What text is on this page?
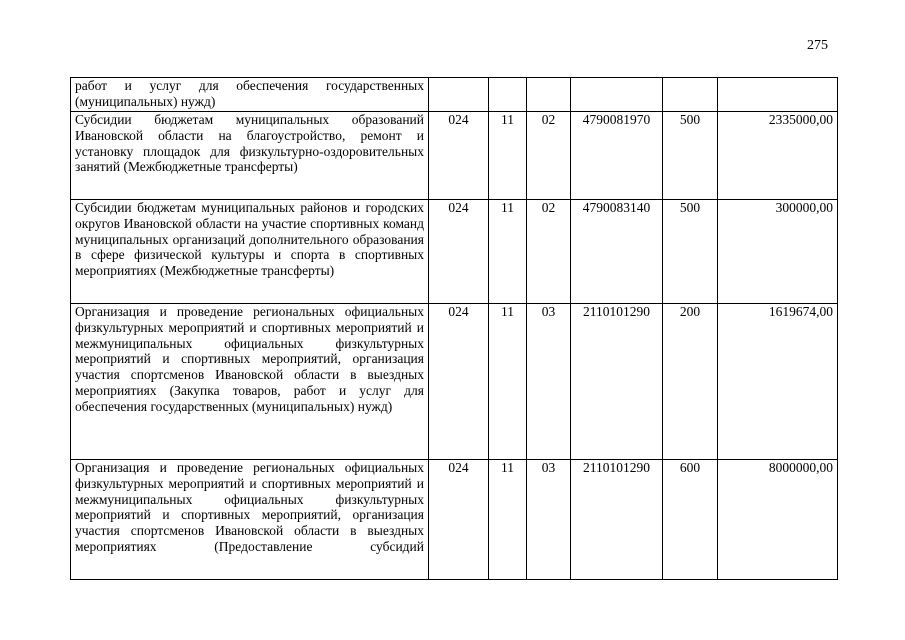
275
работ и услуг для обеспечения государственных (муниципальных) нужд)						
Субсидии бюджетам муниципальных образований Ивановской области на благоустройство, ремонт и установку площадок для физкультурно-оздоровительных занятий (Межбюджетные трансферты)	024	11	02	4790081970	500	2335000,00
Субсидии бюджетам муниципальных районов и городских округов Ивановской области на участие спортивных команд муниципальных организаций дополнительного образования в сфере физической культуры и спорта в спортивных мероприятиях (Межбюджетные трансферты)	024	11	02	4790083140	500	300000,00
Организация и проведение региональных официальных физкультурных мероприятий и спортивных мероприятий и межмуниципальных официальных физкультурных мероприятий и спортивных мероприятий, организация участия спортсменов Ивановской области в выездных мероприятиях (Закупка товаров, работ и услуг для обеспечения государственных (муниципальных) нужд)	024	11	03	2110101290	200	1619674,00
Организация и проведение региональных официальных физкультурных мероприятий и спортивных мероприятий и межмуниципальных официальных физкультурных мероприятий и спортивных мероприятий, организация участия спортсменов Ивановской области в выездных мероприятиях (Предоставление субсидий	024	11	03	2110101290	600	8000000,00
